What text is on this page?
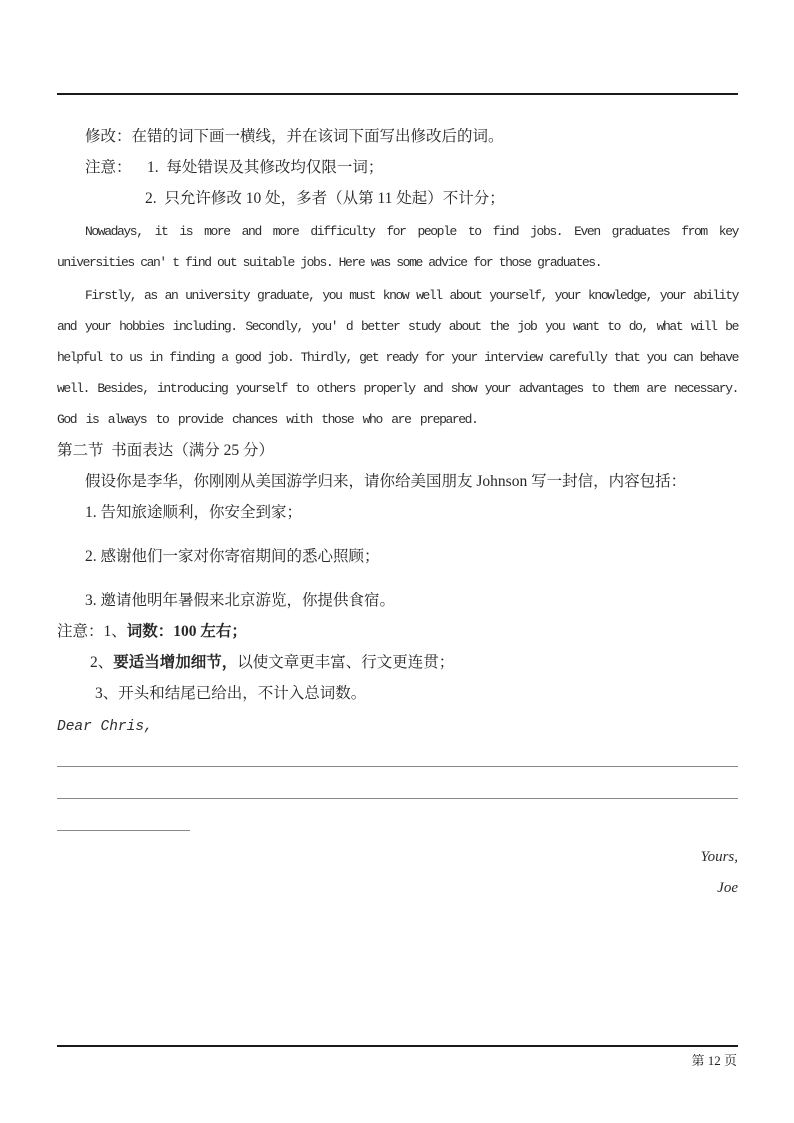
修改：在错的词下画一横线，并在该词下面写出修改后的词。

注意：    1.  每处错误及其修改均仅限一词；

2.  只允许修改 10 处，多者（从第 11 处起）不计分；

Nowadays, it is more and more difficulty for people to find jobs. Even graduates from key
universities can' t find out suitable jobs. Here was some advice for those graduates.
Firstly, as an university graduate, you must know well about yourself, your knowledge, your ability
and your hobbies including. Secondly, you' d better study about the job you want to do, what will be
helpful to us in finding a good job. Thirdly, get ready for your interview carefully that you can behave
well. Besides, introducing yourself to others properly and show your advantages to them are necessary.
God is always to provide chances with those who are prepared.

第二节  书面表达（满分 25 分）

假设你是李华，你刚刚从美国游学归来，请你给美国朋友 Johnson 写一封信，内容包括：

1. 告知旅途顺利，你安全到家；

2. 感谢他们一家对你寄宿期间的悉心照顾；

3. 邀请他明年暑假来北京游览，你提供食宿。

注意：1、词数：100 左右；

2、要适当增加细节，以使文章更丰富、行文更连贯；

3、开头和结尾已给出，不计入总词数。

Dear Chris,

Yours,

Joe

第 12 页
